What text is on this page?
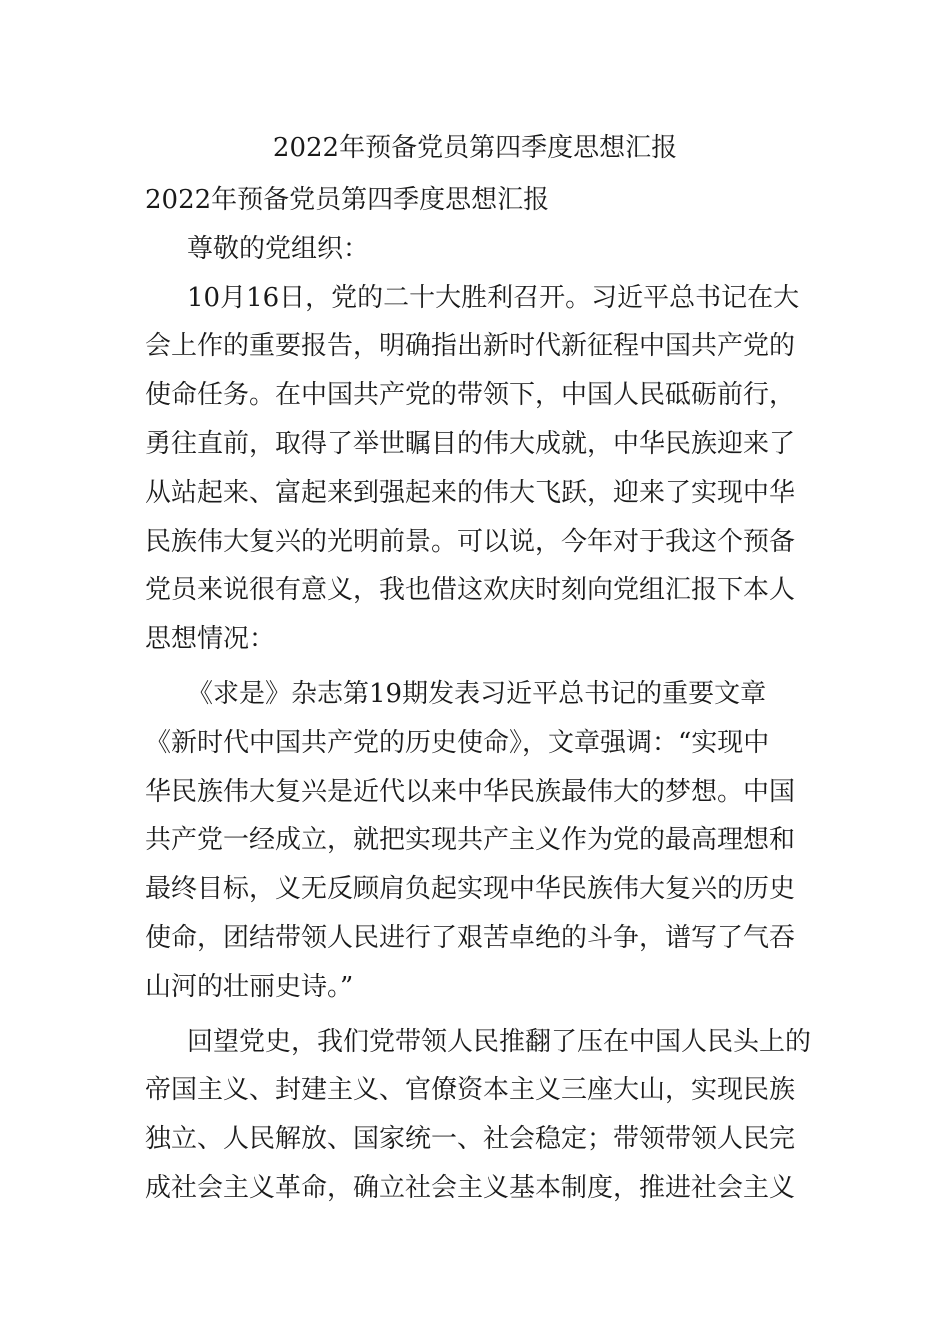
2022年预备党员第四季度思想汇报
2022年预备党员第四季度思想汇报
尊敬的党组织：
10月16日，党的二十大胜利召开。习近平总书记在大
会上作的重要报告，明确指出新时代新征程中国共产党的
使命任务。在中国共产党的带领下，中国人民砥砺前行，
勇往直前，取得了举世瞩目的伟大成就，中华民族迎来了
从站起来、富起来到强起来的伟大飞跃，迎来了实现中华
民族伟大复兴的光明前景。可以说，今年对于我这个预备
党员来说很有意义，我也借这欢庆时刻向党组汇报下本人
思想情况：
《求是》杂志第19期发表习近平总书记的重要文章
《新时代中国共产党的历史使命》，文章强调：“实现中
华民族伟大复兴是近代以来中华民族最伟大的梦想。中国
共产党一经成立，就把实现共产主义作为党的最高理想和
最终目标，义无反顾肩负起实现中华民族伟大复兴的历史
使命，团结带领人民进行了艰苦卓绝的斗争，谱写了气吞
山河的壮丽史诗。”
回望党史，我们党带领人民推翻了压在中国人民头上的
帝国主义、封建主义、官僚资本主义三座大山，实现民族
独立、人民解放、国家统一、社会稳定；带领带领人民完
成社会主义革命，确立社会主义基本制度，推进社会主义
